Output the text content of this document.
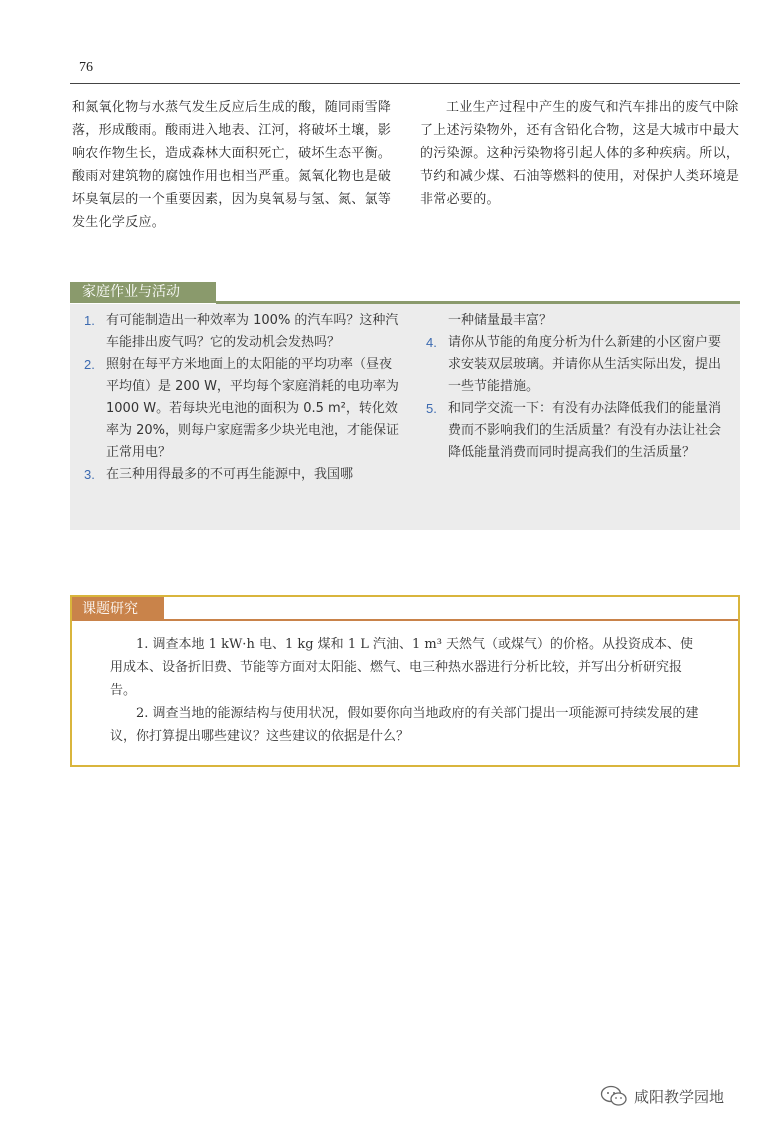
76

和氮氧化物与水蒸气发生反应后生成的酸，随同雨雪降落，形成酸雨。酸雨进入地表、江河，将破坏土壤，影响农作物生长，造成森林大面积死亡，破坏生态平衡。酸雨对建筑物的腐蚀作用也相当严重。氮氧化物也是破坏臭氧层的一个重要因素，因为臭氧易与氢、氮、氯等发生化学反应。

工业生产过程中产生的废气和汽车排出的废气中除了上述污染物外，还有含铅化合物，这是大城市中最大的污染源。这种污染物将引起人体的多种疾病。所以，节约和减少煤、石油等燃料的使用，对保护人类环境是非常必要的。

家庭作业与活动
1. 有可能制造出一种效率为 100% 的汽车吗？这种汽车能排出废气吗？它的发动机会发热吗？
2. 照射在每平方米地面上的太阳能的平均功率（昼夜平均值）是 200 W，平均每个家庭消耗的电功率为 1000 W。若每块光电池的面积为 0.5 m²，转化效率为 20%，则每户家庭需多少块光电池，才能保证正常用电？
3. 在三种用得最多的不可再生能源中，我国哪
一种储量最丰富？
4. 请你从节能的角度分析为什么新建的小区窗户要求安装双层玻璃。并请你从生活实际出发，提出一些节能措施。
5. 和同学交流一下：有没有办法降低我们的能量消费而不影响我们的生活质量？有没有办法让社会降低能量消费而同时提高我们的生活质量？
课题研究

1. 调查本地 1 kW·h 电、1 kg 煤和 1 L 汽油、1 m³ 天然气（或煤气）的价格。从投资成本、使用成本、设备折旧费、节能等方面对太阳能、燃气、电三种热水器进行分析比较，并写出分析研究报告。

2. 调查当地的能源结构与使用状况，假如要你向当地政府的有关部门提出一项能源可持续发展的建议，你打算提出哪些建议？这些建议的依据是什么？

咸阳教学园地
